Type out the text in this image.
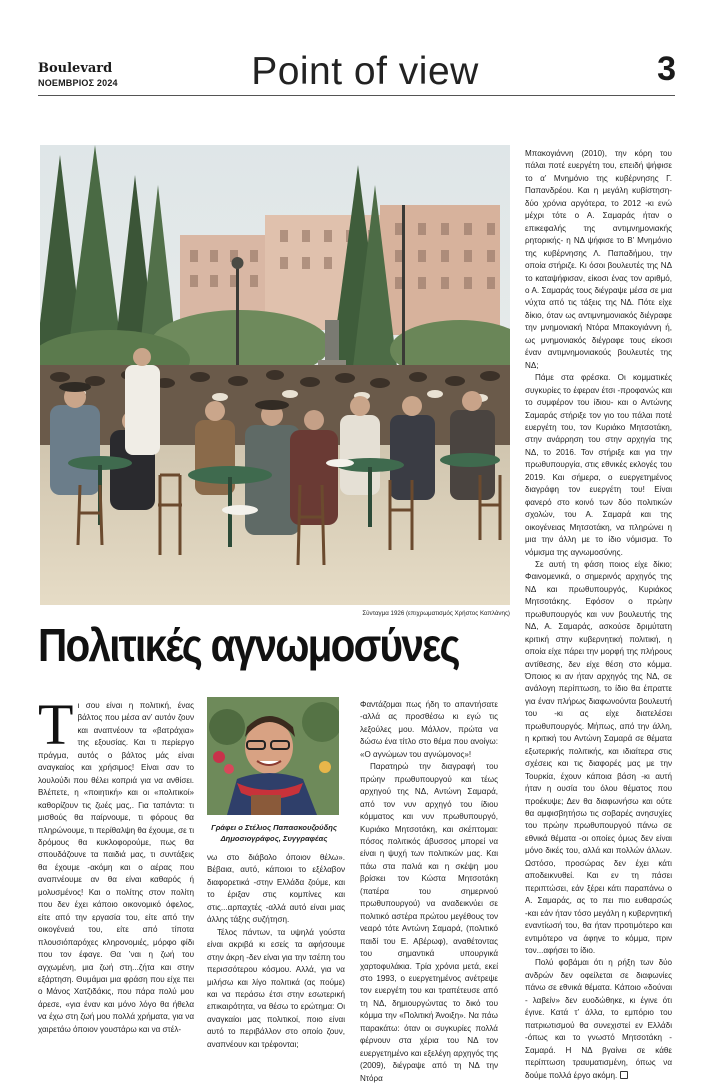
Boulevard
ΝΟΕΜΒΡΙΟΣ 2024	Point of view	3
Σύνταγμα 1926 (επιχρωματισμός Χρήστος Καπλάνης)
Πολιτικές αγνωμοσύνες
Τ ι σου είναι η πολιτική, ένας βάλτος που μέσα αν’ αυτόν ζουν και αναπνέουν τα «βατράχια» της εξουσίας. Και τι περίεργο πράγμα, αυτός ο βάλτος μάς είναι αναγκαίος και χρήσιμος! Είναι σαν το λουλούδι που θέλει κοπριά για να ανθίσει. Βλέπετε, η «ποιητική» και οι «πολιτικοί» καθορίζουν τις ζωές μας,. Για ταπάντα: τι μισθούς θα παίρνουμε, τι φόρους θα πληρώνουμε, τι περίθαλψη θα έχουμε, σε τι δρόμους θα κυκλοφορούμε, πως θα σπουδάζουνε τα παιδιά μας, τι συντάξεις θα έχουμε -ακόμη και ο αέρας που αναπνέουμε αν θα είναι καθαρός ή μολυσμένος! Και ο πολίτης στον πολίτη που δεν έχει κάποιο οικονομικό όφελος, είτε από την εργασία του, είτε από την οικογένειά του, είτε από τίποτα πλουσιόπαρόχες κληρονομιές, μόρφο φίδι που τον έφαγε. Θα ’ναι η ζωή του αγχωμένη, μια ζωή στη...ζήτα και στην εξάρτηση. Θυμάμαι μια φράση που είχε πει ο Μάνος Χατζιδάκις, που πάρα πολύ μου άρεσε, «για έναν και μόνο λόγο θα ήθελα να έχω στη ζωή μου πολλά χρήματα, για να χαιρετάω όποιον γουστάρω και να στέλ-

Γράφει ο Στέλιος Παπασκουζούδης
Δημοσιογράφος, Συγγραφέας

νω στο διάβολο όποιον θέλω». Βέβαια, αυτό, κάποιοι το εξέλαβον διαφορετικά -στην Ελλάδα ζούμε, και το έριξαν στις κομπίνες και στις...αρπαχτές -αλλά αυτό είναι μιας άλλης τάξης συζήτηση.

Τέλος πάντων, τα υψηλά γούστα είναι ακριβά κι εσείς τα αφήσουμε στην άκρη -δεν είναι για την τσέπη του περισσότερου κόσμου. Αλλά, για να μιλήσω και λίγο πολιτικά (ας πούμε) και να περάσω έτσι στην εσωτερική επικαιρότητα, να θέσω το ερώτημα: Οι αναγκαίοι μας πολιτικοί, ποιο είναι αυτό το περιβάλλον στο οποίο ζουν, αναπνέουν και τρέφονται;

Φαντάζομαι πως ήδη το απαντήσατε -αλλά ας προσθέσω κι εγώ τις λεξούλες μου. Μάλλον, πρώτα να δώσω ένα τίτλο στο θέμα που ανοίγω: «Ο αγνώμων του αγνώμονος»!

Παρατηρώ την διαγραφή του πρώην πρωθυπουργού και τέως αρχηγού της ΝΔ, Αντώνη Σαμαρά, από τον νυν αρχηγό του ίδιου κόμματος και νυν πρωθυπουργό, Κυριάκο Μητσοτάκη, και σκέπτομαι: πόσος πολιτικός άβυσσος μπορεί να είναι η ψυχή των πολιτικών μας. Και πάω στα παλιά και η σκέψη μου βρίσκει τον Κώστα Μητσοτάκη (πατέρα του σημερινού πρωθυπουργού) να αναδεικνύει σε πολιτικό αστέρα πρώτου μεγέθους τον νεαρό τότε Αντώνη Σαμαρά, (πολιτικό παιδί του Ε. Αβέρωφ), αναθέτοντας του σημαντικά υπουργικά χαρτοφυλάκια. Τρία χρόνια μετά, εκεί στο 1993, ο ευεργετημένος ανέτρεψε τον ευεργέτη του και τραπέτευσε από τη ΝΔ, δημιουργώντας το δικό του κόμμα την «Πολιτική Άνοιξη». Να πάω παρακάτω: όταν οι συγκυρίες πολλά φέρνουν στα χέρια του ΝΔ τον ευεργετημένο και εξελέγη αρχηγός της (2009), διέγραψε από τη ΝΔ την Ντόρα

Μπακογιάννη (2010), την κόρη του πάλαι ποτέ ευεργέτη του, επειδή ψήφισε το α’ Μνημόνιο της κυβέρνησης Γ. Παπανδρέου. Και η μεγάλη κυβίστηση- δύο χρόνια αργότερα, το 2012 -κι ενώ μέχρι τότε ο Α. Σαμαράς ήταν ο επικεφαλής της αντιμνημονιακής ρητορικής- η ΝΔ ψήφισε το Β’ Μνημόνιο της κυβέρνησης Λ. Παπαδήμου, την οποία στήριζε. Κι όσοι βουλευτές της ΝΔ το καταψήφισαν, είκοσι ένας τον αριθμό, ο Α. Σαμαράς τους διέγραψε μέσα σε μια νύχτα από τις τάξεις της ΝΔ. Πότε είχε δίκιο, όταν ως αντιμνημονιακός διέγραφε την μνημονιακή Ντόρα Μπακογιάννη ή, ως μνημονιακός διέγραφε τους είκοσι έναν αντιμνημονιακούς βουλευτές της ΝΔ;

Πάμε στα φρέσκα. Οι κομματικές συγκυρίες το έφεραν έτσι -προφανώς και το συμφέρον του ίδιου- και ο Αντώνης Σαμαράς στήριξε τον γιο του πάλαι ποτέ ευεργέτη του, τον Κυριάκο Μητσοτάκη, στην ανάρρηση του στην αρχηγία της ΝΔ, το 2016. Τον στήριξε και για την πρωθυπουργία, στις εθνικές εκλογές του 2019. Και σήμερα, ο ευεργετημένος διαγράφη τον ευεργέτη του! Είναι φανερό στο κοινό των δύο πολιτικών σχολών, του Α. Σαμαρά και της οικογένειας Μητσοτάκη, να πληρώνει η μια την άλλη με το ίδιο νόμισμα. Το νόμισμα της αγνωμοσύνης.

Σε αυτή τη φάση ποιος είχε δίκιο; Φαινομενικά, ο σημερινός αρχηγός της ΝΔ και πρωθυπουργός, Κυριάκος Μητσοτάκης. Εφόσον ο πρώην πρωθυπουργός και νυν βουλευτής της ΝΔ, Α. Σαμαράς, ασκούσε δριμύτατη κριτική στην κυβερνητική πολιτική, η οποία είχε πάρει την μορφή της πλήρους αντίθεσης, δεν είχε θέση στο κόμμα. Όποιος κι αν ήταν αρχηγός της ΝΔ, σε ανάλογη περίπτωση, το ίδιο θα έπραττε για έναν πλήρως διαφωνούντα βουλευτή του -κι ας είχε διατελέσει πρωθυπουργός. Μήπως, από την άλλη, η κριτική του Αντώνη Σαμαρά σε θέματα εξωτερικής πολιτικής, και ιδιαίτερα στις σχέσεις και τις διαφορές μας με την Τουρκία, έχουν κάποια βάση -κι αυτή ήταν η ουσία του όλου θέματος που προέκυψε; Δεν θα διαφωνήσω και ούτε θα αμφισβητήσω τις σοβαρές ανησυχίες του πρώην πρωθυπουργού πάνω σε εθνικά θέματα -οι οποίες όμως δεν είναι μόνο δικές του, αλλά και πολλών άλλων. Ωστόσο, προσώρας δεν έχει κάτι αποδεικνυθεί. Και εν τη πάσει περιπτώσει, εάν ξέρει κάτι παραπάνω ο Α. Σαμαράς, ας το πει πιο ευθαρσώς -και εάν ήταν τόσο μεγάλη η κυβερνητική εναντίωσή του, θα ήταν προτιμότερο και εντιμότερο να άφηνε το κόμμα, πριν τον...αφήσει το ίδιο.

Πολύ φοβάμαι ότι η ρήξη των δύο ανδρών δεν οφείλεται σε διαφωνίες πάνω σε εθνικά θέματα. Κάποιο «δούναι - λαβείν» δεν ευοδώθηκε, κι έγινε ότι έγινε. Κατά τ’ άλλα, το εμπόριο του πατριωτισμού θα συνεχιστεί εν Ελλάδι -όπως και το γνωστό Μητσοτάκη - Σαμαρά. Η ΝΔ βγαίνει σε κάθε περίπτωση τραυματισμένη, όπως να δούμε πολλά έργο ακόμη.
